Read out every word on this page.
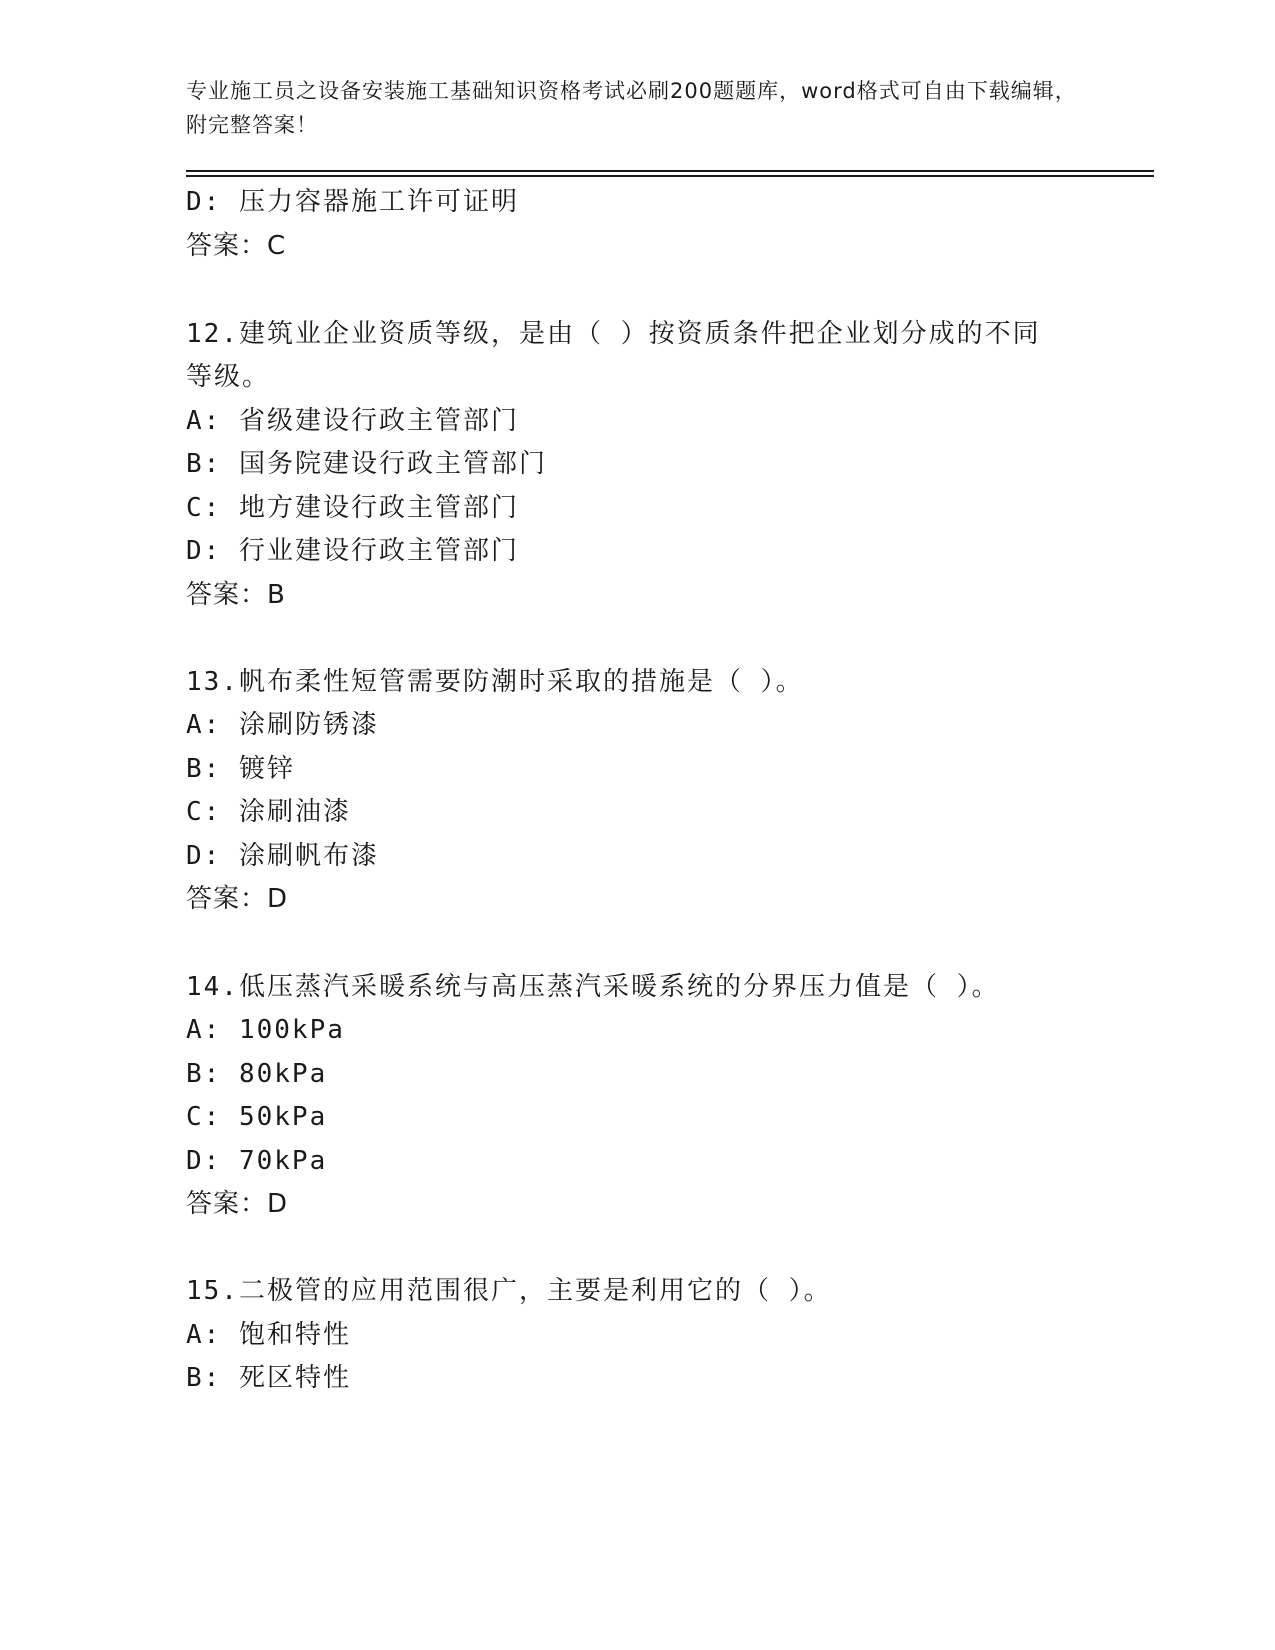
专业施工员之设备安装施工基础知识资格考试必刷200题题库，word格式可自由下载编辑，附完整答案！
D: 压力容器施工许可证明
答案：C
12.建筑业企业资质等级，是由（ ）按资质条件把企业划分成的不同
等级。
A: 省级建设行政主管部门
B: 国务院建设行政主管部门
C: 地方建设行政主管部门
D: 行业建设行政主管部门
答案：B
13.帆布柔性短管需要防潮时采取的措施是（ ）。
A: 涂刷防锈漆
B: 镀锌
C: 涂刷油漆
D: 涂刷帆布漆
答案：D
14.低压蒸汽采暖系统与高压蒸汽采暖系统的分界压力值是（ ）。
A: 100kPa
B: 80kPa
C: 50kPa
D: 70kPa
答案：D
15.二极管的应用范围很广，主要是利用它的（ ）。
A: 饱和特性
B: 死区特性
